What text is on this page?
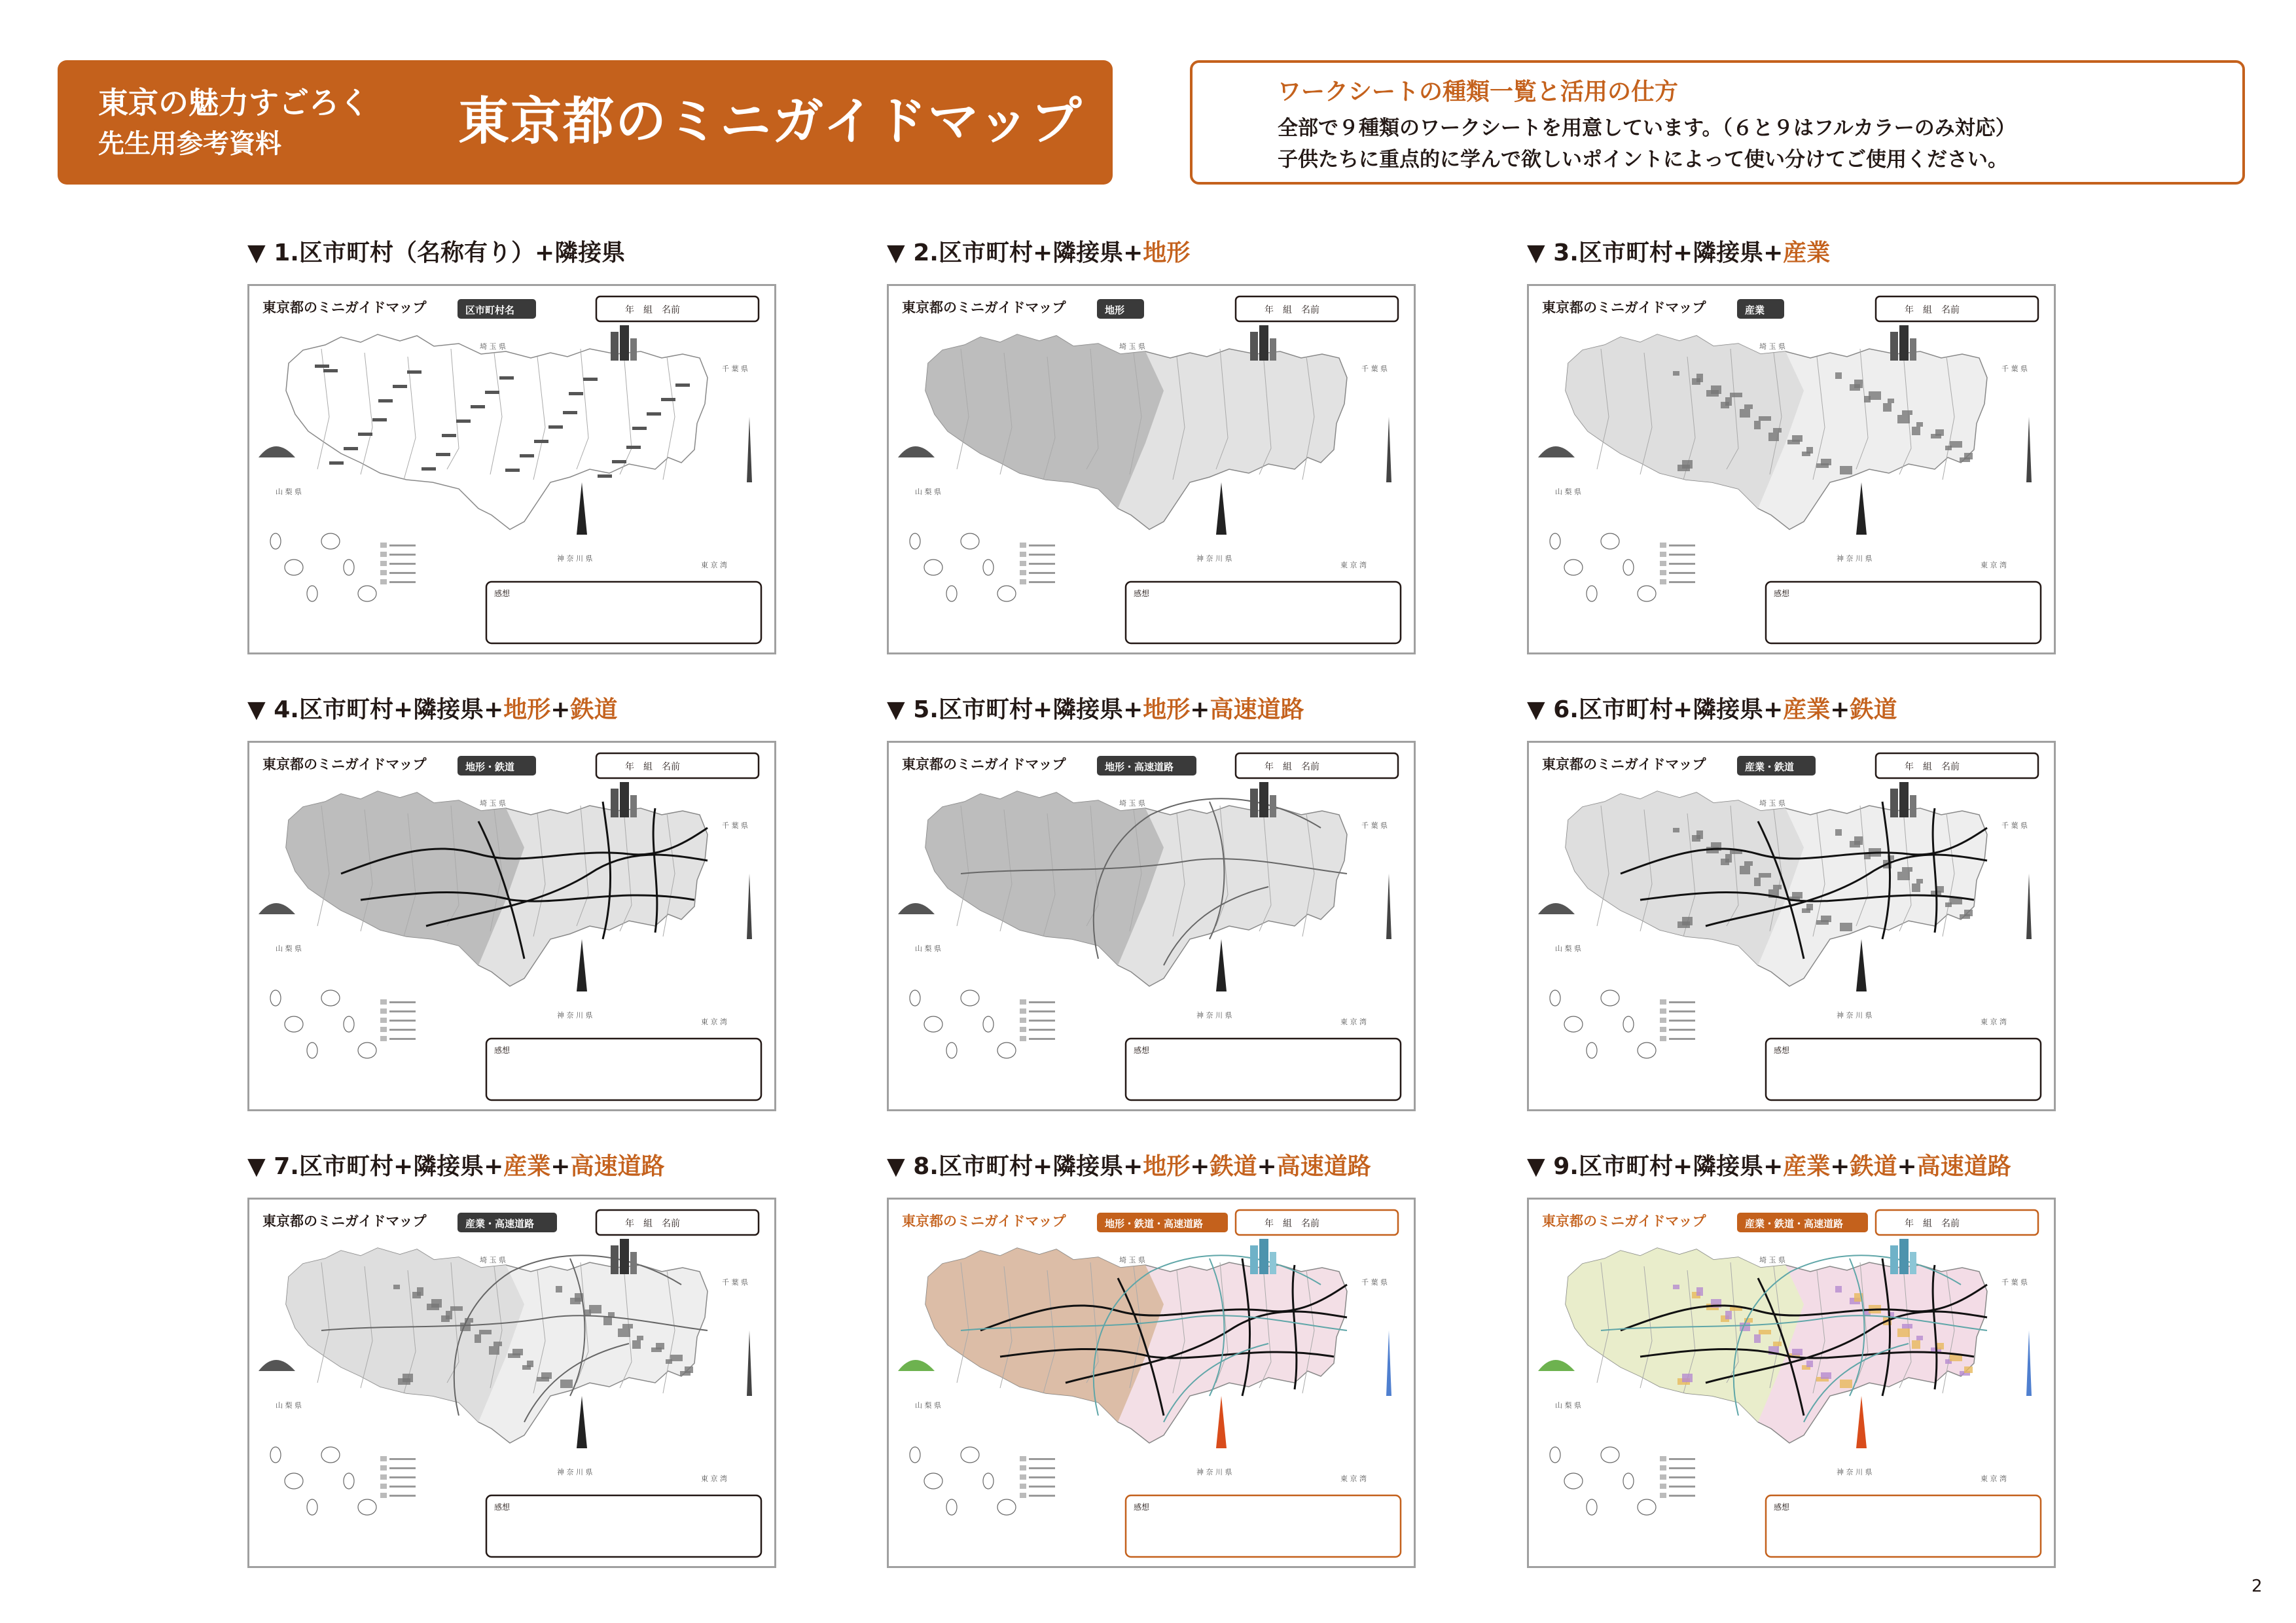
東京の魅力すごろく
先生用参考資料	東京都のミニガイドマップ
ワークシートの種類一覧と活用の仕方
全部で９種類のワークシートを用意しています。（６と９はフルカラーのみ対応）
子供たちに重点的に学んで欲しいポイントによって使い分けてご使用ください。
▼ 1.区市町村（名称有り）+隣接県
東京都のミニガイドマップ	区市町村名	年　組　名前
埼 玉 県
千 葉 県
山 梨 県
神 奈 川 県
東 京 湾
感想
▼ 2.区市町村+隣接県+地形
東京都のミニガイドマップ	地形	年　組　名前
埼 玉 県
千 葉 県
山 梨 県
神 奈 川 県
東 京 湾
感想
▼ 3.区市町村+隣接県+産業
東京都のミニガイドマップ	産業	年　組　名前
埼 玉 県
千 葉 県
山 梨 県
神 奈 川 県
東 京 湾
感想
▼ 4.区市町村+隣接県+地形+鉄道
東京都のミニガイドマップ	地形・鉄道	年　組　名前
埼 玉 県
千 葉 県
山 梨 県
神 奈 川 県
東 京 湾
感想
▼ 5.区市町村+隣接県+地形+高速道路
東京都のミニガイドマップ	地形・高速道路	年　組　名前
埼 玉 県
千 葉 県
山 梨 県
神 奈 川 県
東 京 湾
感想
▼ 6.区市町村+隣接県+産業+鉄道
東京都のミニガイドマップ	産業・鉄道	年　組　名前
埼 玉 県
千 葉 県
山 梨 県
神 奈 川 県
東 京 湾
感想
▼ 7.区市町村+隣接県+産業+高速道路
東京都のミニガイドマップ	産業・高速道路	年　組　名前
埼 玉 県
千 葉 県
山 梨 県
神 奈 川 県
東 京 湾
感想
▼ 8.区市町村+隣接県+地形+鉄道+高速道路
東京都のミニガイドマップ	地形・鉄道・高速道路	年　組　名前
埼 玉 県
千 葉 県
山 梨 県
神 奈 川 県
東 京 湾
感想
▼ 9.区市町村+隣接県+産業+鉄道+高速道路
東京都のミニガイドマップ	産業・鉄道・高速道路	年　組　名前
埼 玉 県
千 葉 県
山 梨 県
神 奈 川 県
東 京 湾
感想
2
